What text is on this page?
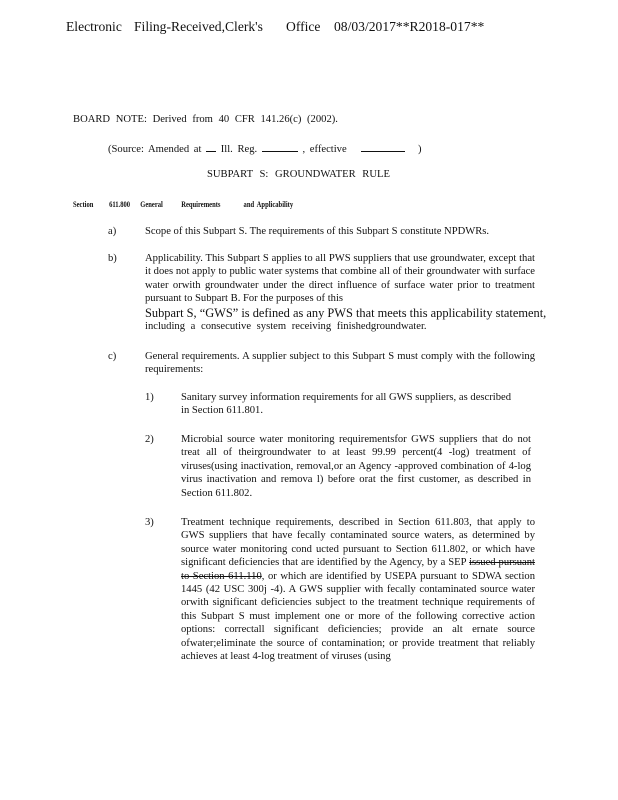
Electronic Filing-Received,Clerk's Office 08/03/2017**R2018-017**

BOARD NOTE: Derived from 40 CFR 141.26(c) (2002).

(Source: Amended at Ill. Reg.	, effective	)

SUBPART S: GROUNDWATER RULE

Section 611.800 General Requirements	and Applicability
a)	Scope of this Subpart S. The requirements of this Subpart S constitute NPDWRs.

b)	Applicability. This Subpart S applies to all PWS suppliers that use groundwater, except that it does not apply to public water systems that combine all of their groundwater with surface water orwith groundwater under the direct influence of surface water prior to treatment pursuant to Subpart B. For the purposes of this

Subpart S, “GWS” is defined as any PWS that meets this applicability statement,

including a consecutive system receiving finishedgroundwater.

c)	General requirements. A supplier subject to this Subpart S must comply with the following requirements:

1)	Sanitary survey information requirements for all GWS suppliers, as described in Section 611.801.

2)	Microbial source water monitoring requirementsfor GWS suppliers that do not treat all of theirgroundwater to at least 99.99 percent(4 -log) treatment of viruses(using inactivation, removal,or an Agency -approved combination of 4-log virus inactivation and remova l) before orat the first customer, as described in Section 611.802.

3)	Treatment technique requirements, described in Section 611.803, that apply to GWS suppliers that have fecally contaminated source waters, as determined by source water monitoring cond ucted pursuant to Section 611.802, or which have significant deficiencies that are identified by the Agency, by a SEP issued pursuant to Section 611.110, or which are identified by USEPA pursuant to SDWA section 1445 (42 USC 300j -4). A GWS supplier with fecally contaminated source water orwith significant deficiencies subject to the treatment technique requirements of this Subpart S must implement one or more of the following corrective action options: correctall significant deficiencies; provide an alt ernate source ofwater;eliminate the source of contamination; or provide treatment that reliably achieves at least 4-log treatment of viruses (using
